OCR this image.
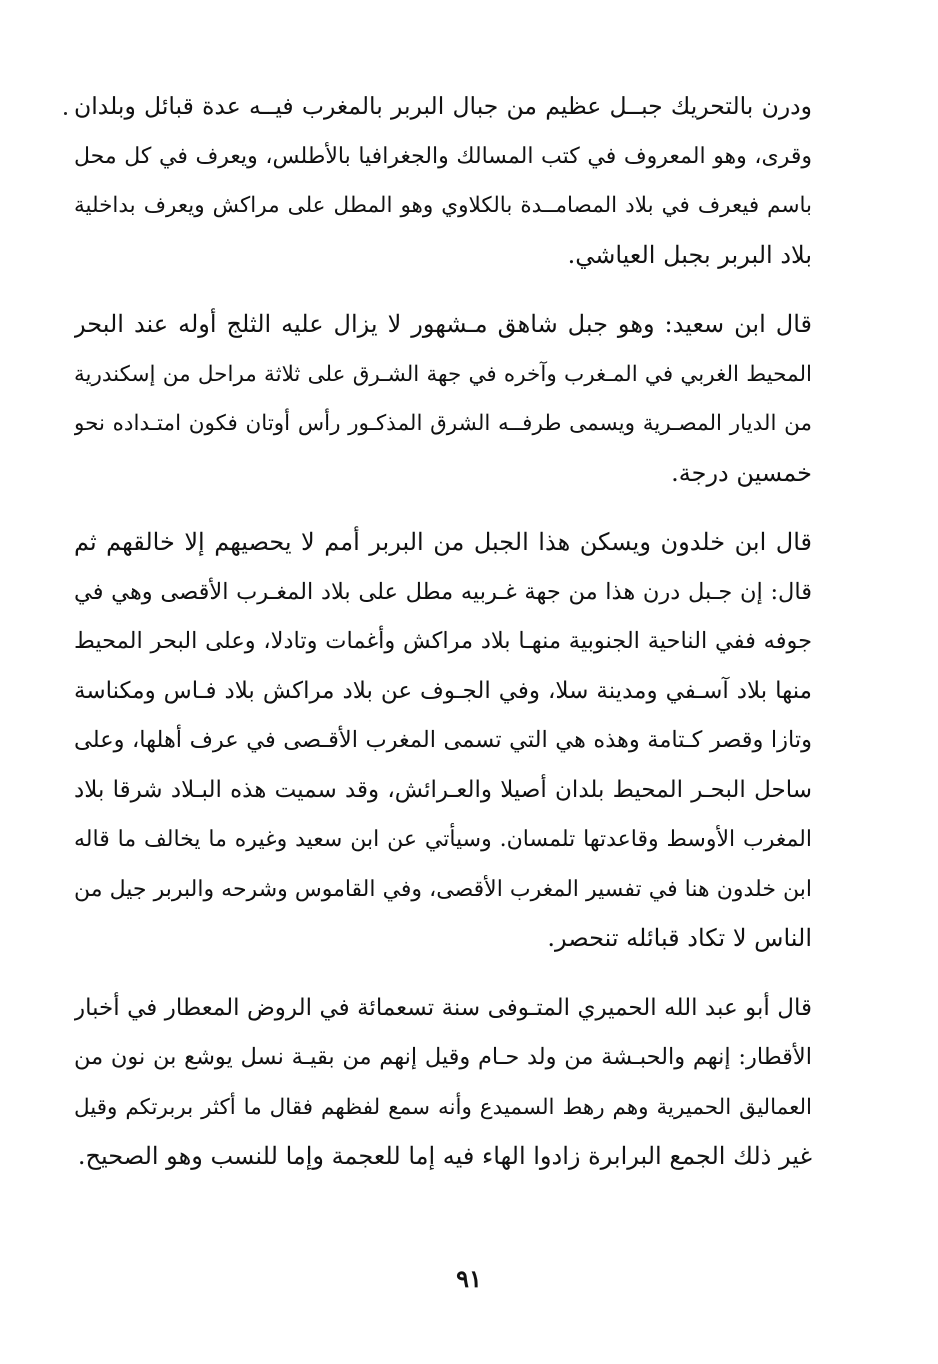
ودرن بالتحريك جبــل عظيم من جبال البربر بالمغرب فيــه عدة قبائل وبلدان
وقرى، وهو المعروف في كتب المسالك والجغرافيا بالأطلس، ويعرف في كل محل
باسم فيعرف في بلاد المصامــدة بالكلاوي وهو المطل على مراكش ويعرف بداخلية
بلاد البربر بجبل العياشي.
قال ابن سعيد: وهو جبل شاهق مـشهور لا يزال عليه الثلج أوله عند البحر
المحيط الغربي في المـغرب وآخره في جهة الشـرق على ثلاثة مراحل من إسكندرية
من الديار المصـرية ويسمى طرفــه الشرق المذكـور رأس أوتان فكون امتـداده نحو
خمسين درجة.
قال ابن خلدون ويسكن هذا الجبل من البربر أمم لا يحصيهم إلا خالقهم ثم
قال: إن جـبل درن هذا من جهة غـربيه مطل على بلاد المغـرب الأقصى وهي في
جوفه ففي الناحية الجنوبية منهـا بلاد مراكش وأغمات وتادلا، وعلى البحر المحيط
منها بلاد آسـفي ومدينة سلا، وفي الجـوف عن بلاد مراكش بلاد فـاس ومكناسة
وتازا وقصر كـتامة وهذه هي التي تسمى المغرب الأقـصى في عرف أهلها، وعلى
ساحل البحـر المحيط بلدان أصيلا والعـرائش، وقد سميت هذه البـلاد شرقا بلاد
المغرب الأوسط وقاعدتها تلمسان. وسيأتي عن ابن سعيد وغيره ما يخالف ما قاله
ابن خلدون هنا في تفسير المغرب الأقصى، وفي القاموس وشرحه والبربر جيل من
الناس لا تكاد قبائله تنحصر.
قال أبو عبد الله الحميري المتـوفى سنة تسعمائة في الروض المعطار في أخبار
الأقطار: إنهم والحبـشة من ولد حـام وقيل إنهم من بقيـة نسل يوشع بن نون من
العماليق الحميرية وهم رهط السميدع وأنه سمع لفظهم فقال ما أكثر بربرتكم وقيل
غير ذلك الجمع البرابرة زادوا الهاء فيه إما للعجمة وإما للنسب وهو الصحيح.
٩١
